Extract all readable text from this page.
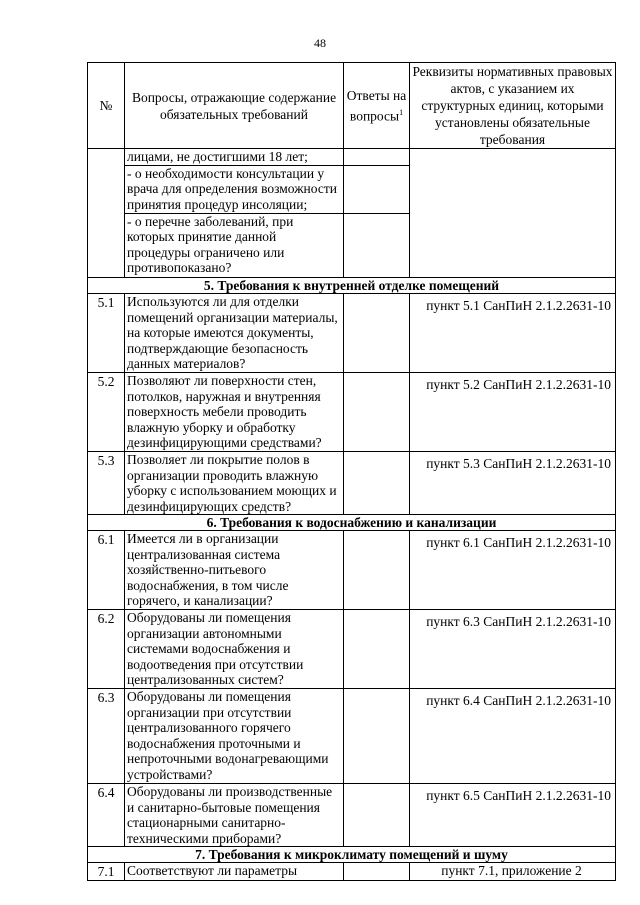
48
№	Вопросы, отражающие содержание обязательных требований	Ответы на вопросы$^1$	Реквизиты нормативных правовых актов, с указанием их структурных единиц, которыми установлены обязательные требования
	лицами, не достигшими 18 лет;		
	- о необходимости консультации у врача для определения возможности принятия процедур инсоляции;		
	- о перечне заболеваний, при которых принятие данной процедуры ограничено или противопоказано?		
5. Требования к внутренней отделке помещений			
5.1	Используются ли для отделки помещений организации материалы, на которые имеются документы, подтверждающие безопасность данных материалов?		пункт 5.1 СанПиН 2.1.2.2631-10
5.2	Позволяют ли поверхности стен, потолков, наружная и внутренняя поверхность мебели проводить влажную уборку и обработку дезинфицирующими средствами?		пункт 5.2 СанПиН 2.1.2.2631-10
5.3	Позволяет ли покрытие полов в организации проводить влажную уборку с использованием моющих и дезинфицирующих средств?		пункт 5.3 СанПиН 2.1.2.2631-10
6. Требования к водоснабжению и канализации			
6.1	Имеется ли в организации централизованная система хозяйственно-питьевого водоснабжения, в том числе горячего, и канализации?		пункт 6.1 СанПиН 2.1.2.2631-10
6.2	Оборудованы ли помещения организации автономными системами водоснабжения и водоотведения при отсутствии централизованных систем?		пункт 6.3 СанПиН 2.1.2.2631-10
6.3	Оборудованы ли помещения организации при отсутствии централизованного горячего водоснабжения проточными и непроточными водонагревающими устройствами?		пункт 6.4 СанПиН 2.1.2.2631-10
6.4	Оборудованы ли производственные и санитарно-бытовые помещения стационарными санитарно-техническими приборами?		пункт 6.5 СанПиН 2.1.2.2631-10
7. Требования к микроклимату помещений и шуму			
7.1	Соответствуют ли параметры		пункт 7.1, приложение 2
